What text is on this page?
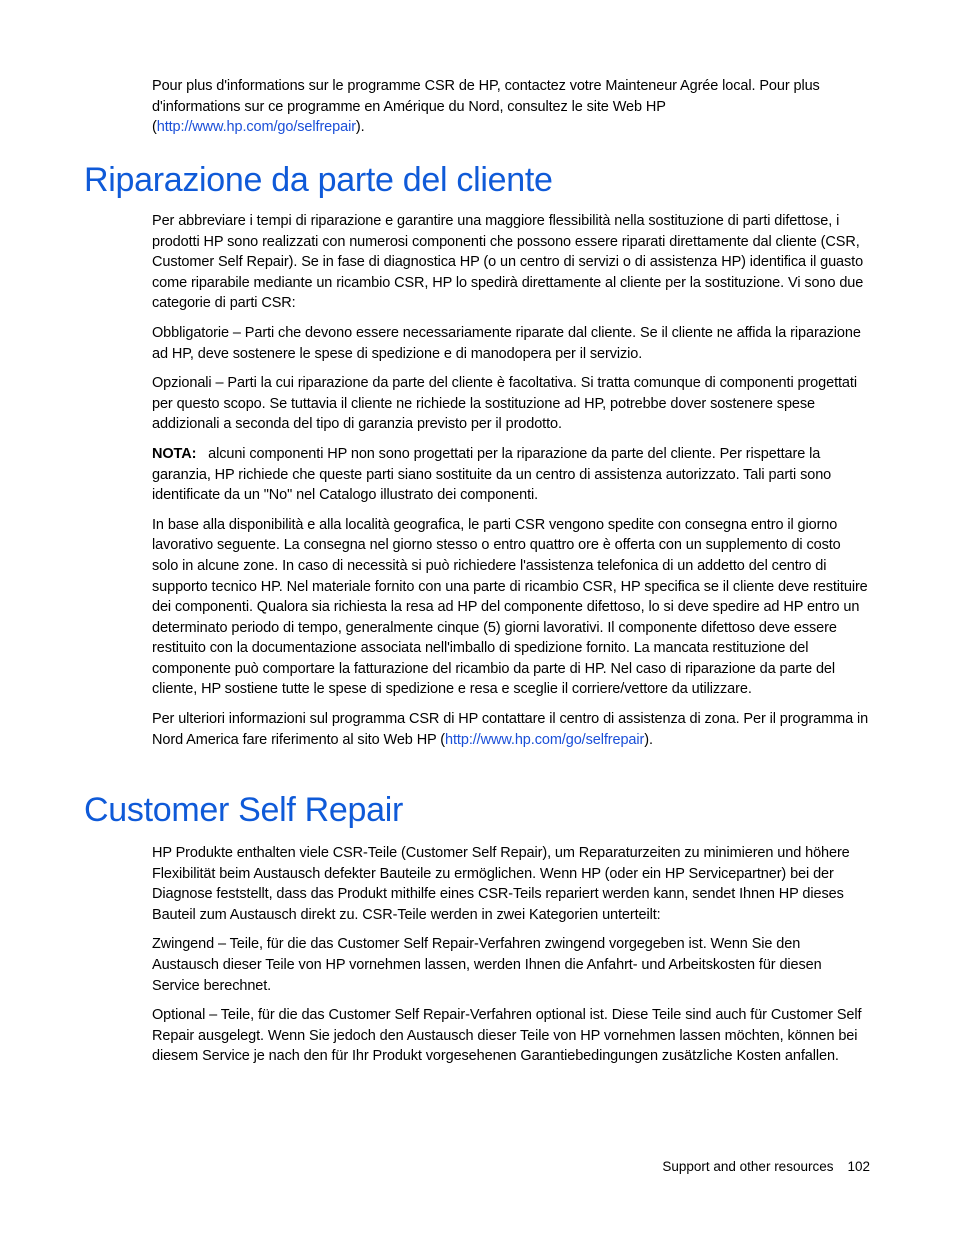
Pour plus d'informations sur le programme CSR de HP, contactez votre Mainteneur Agrée local. Pour plus d'informations sur ce programme en Amérique du Nord, consultez le site Web HP (http://www.hp.com/go/selfrepair).

Riparazione da parte del cliente

Per abbreviare i tempi di riparazione e garantire una maggiore flessibilità nella sostituzione di parti difettose, i prodotti HP sono realizzati con numerosi componenti che possono essere riparati direttamente dal cliente (CSR, Customer Self Repair). Se in fase di diagnostica HP (o un centro di servizi o di assistenza HP) identifica il guasto come riparabile mediante un ricambio CSR, HP lo spedirà direttamente al cliente per la sostituzione. Vi sono due categorie di parti CSR:

Obbligatorie – Parti che devono essere necessariamente riparate dal cliente. Se il cliente ne affida la riparazione ad HP, deve sostenere le spese di spedizione e di manodopera per il servizio.

Opzionali – Parti la cui riparazione da parte del cliente è facoltativa. Si tratta comunque di componenti progettati per questo scopo. Se tuttavia il cliente ne richiede la sostituzione ad HP, potrebbe dover sostenere spese addizionali a seconda del tipo di garanzia previsto per il prodotto.

NOTA: alcuni componenti HP non sono progettati per la riparazione da parte del cliente. Per rispettare la garanzia, HP richiede che queste parti siano sostituite da un centro di assistenza autorizzato. Tali parti sono identificate da un "No" nel Catalogo illustrato dei componenti.

In base alla disponibilità e alla località geografica, le parti CSR vengono spedite con consegna entro il giorno lavorativo seguente. La consegna nel giorno stesso o entro quattro ore è offerta con un supplemento di costo solo in alcune zone. In caso di necessità si può richiedere l'assistenza telefonica di un addetto del centro di supporto tecnico HP. Nel materiale fornito con una parte di ricambio CSR, HP specifica se il cliente deve restituire dei componenti. Qualora sia richiesta la resa ad HP del componente difettoso, lo si deve spedire ad HP entro un determinato periodo di tempo, generalmente cinque (5) giorni lavorativi. Il componente difettoso deve essere restituito con la documentazione associata nell'imballo di spedizione fornito. La mancata restituzione del componente può comportare la fatturazione del ricambio da parte di HP. Nel caso di riparazione da parte del cliente, HP sostiene tutte le spese di spedizione e resa e sceglie il corriere/vettore da utilizzare.

Per ulteriori informazioni sul programma CSR di HP contattare il centro di assistenza di zona. Per il programma in Nord America fare riferimento al sito Web HP (http://www.hp.com/go/selfrepair).

Customer Self Repair

HP Produkte enthalten viele CSR-Teile (Customer Self Repair), um Reparaturzeiten zu minimieren und höhere Flexibilität beim Austausch defekter Bauteile zu ermöglichen. Wenn HP (oder ein HP Servicepartner) bei der Diagnose feststellt, dass das Produkt mithilfe eines CSR-Teils repariert werden kann, sendet Ihnen HP dieses Bauteil zum Austausch direkt zu. CSR-Teile werden in zwei Kategorien unterteilt:

Zwingend – Teile, für die das Customer Self Repair-Verfahren zwingend vorgegeben ist. Wenn Sie den Austausch dieser Teile von HP vornehmen lassen, werden Ihnen die Anfahrt- und Arbeitskosten für diesen Service berechnet.

Optional – Teile, für die das Customer Self Repair-Verfahren optional ist. Diese Teile sind auch für Customer Self Repair ausgelegt. Wenn Sie jedoch den Austausch dieser Teile von HP vornehmen lassen möchten, können bei diesem Service je nach den für Ihr Produkt vorgesehenen Garantiebedingungen zusätzliche Kosten anfallen.

Support and other resources 102
